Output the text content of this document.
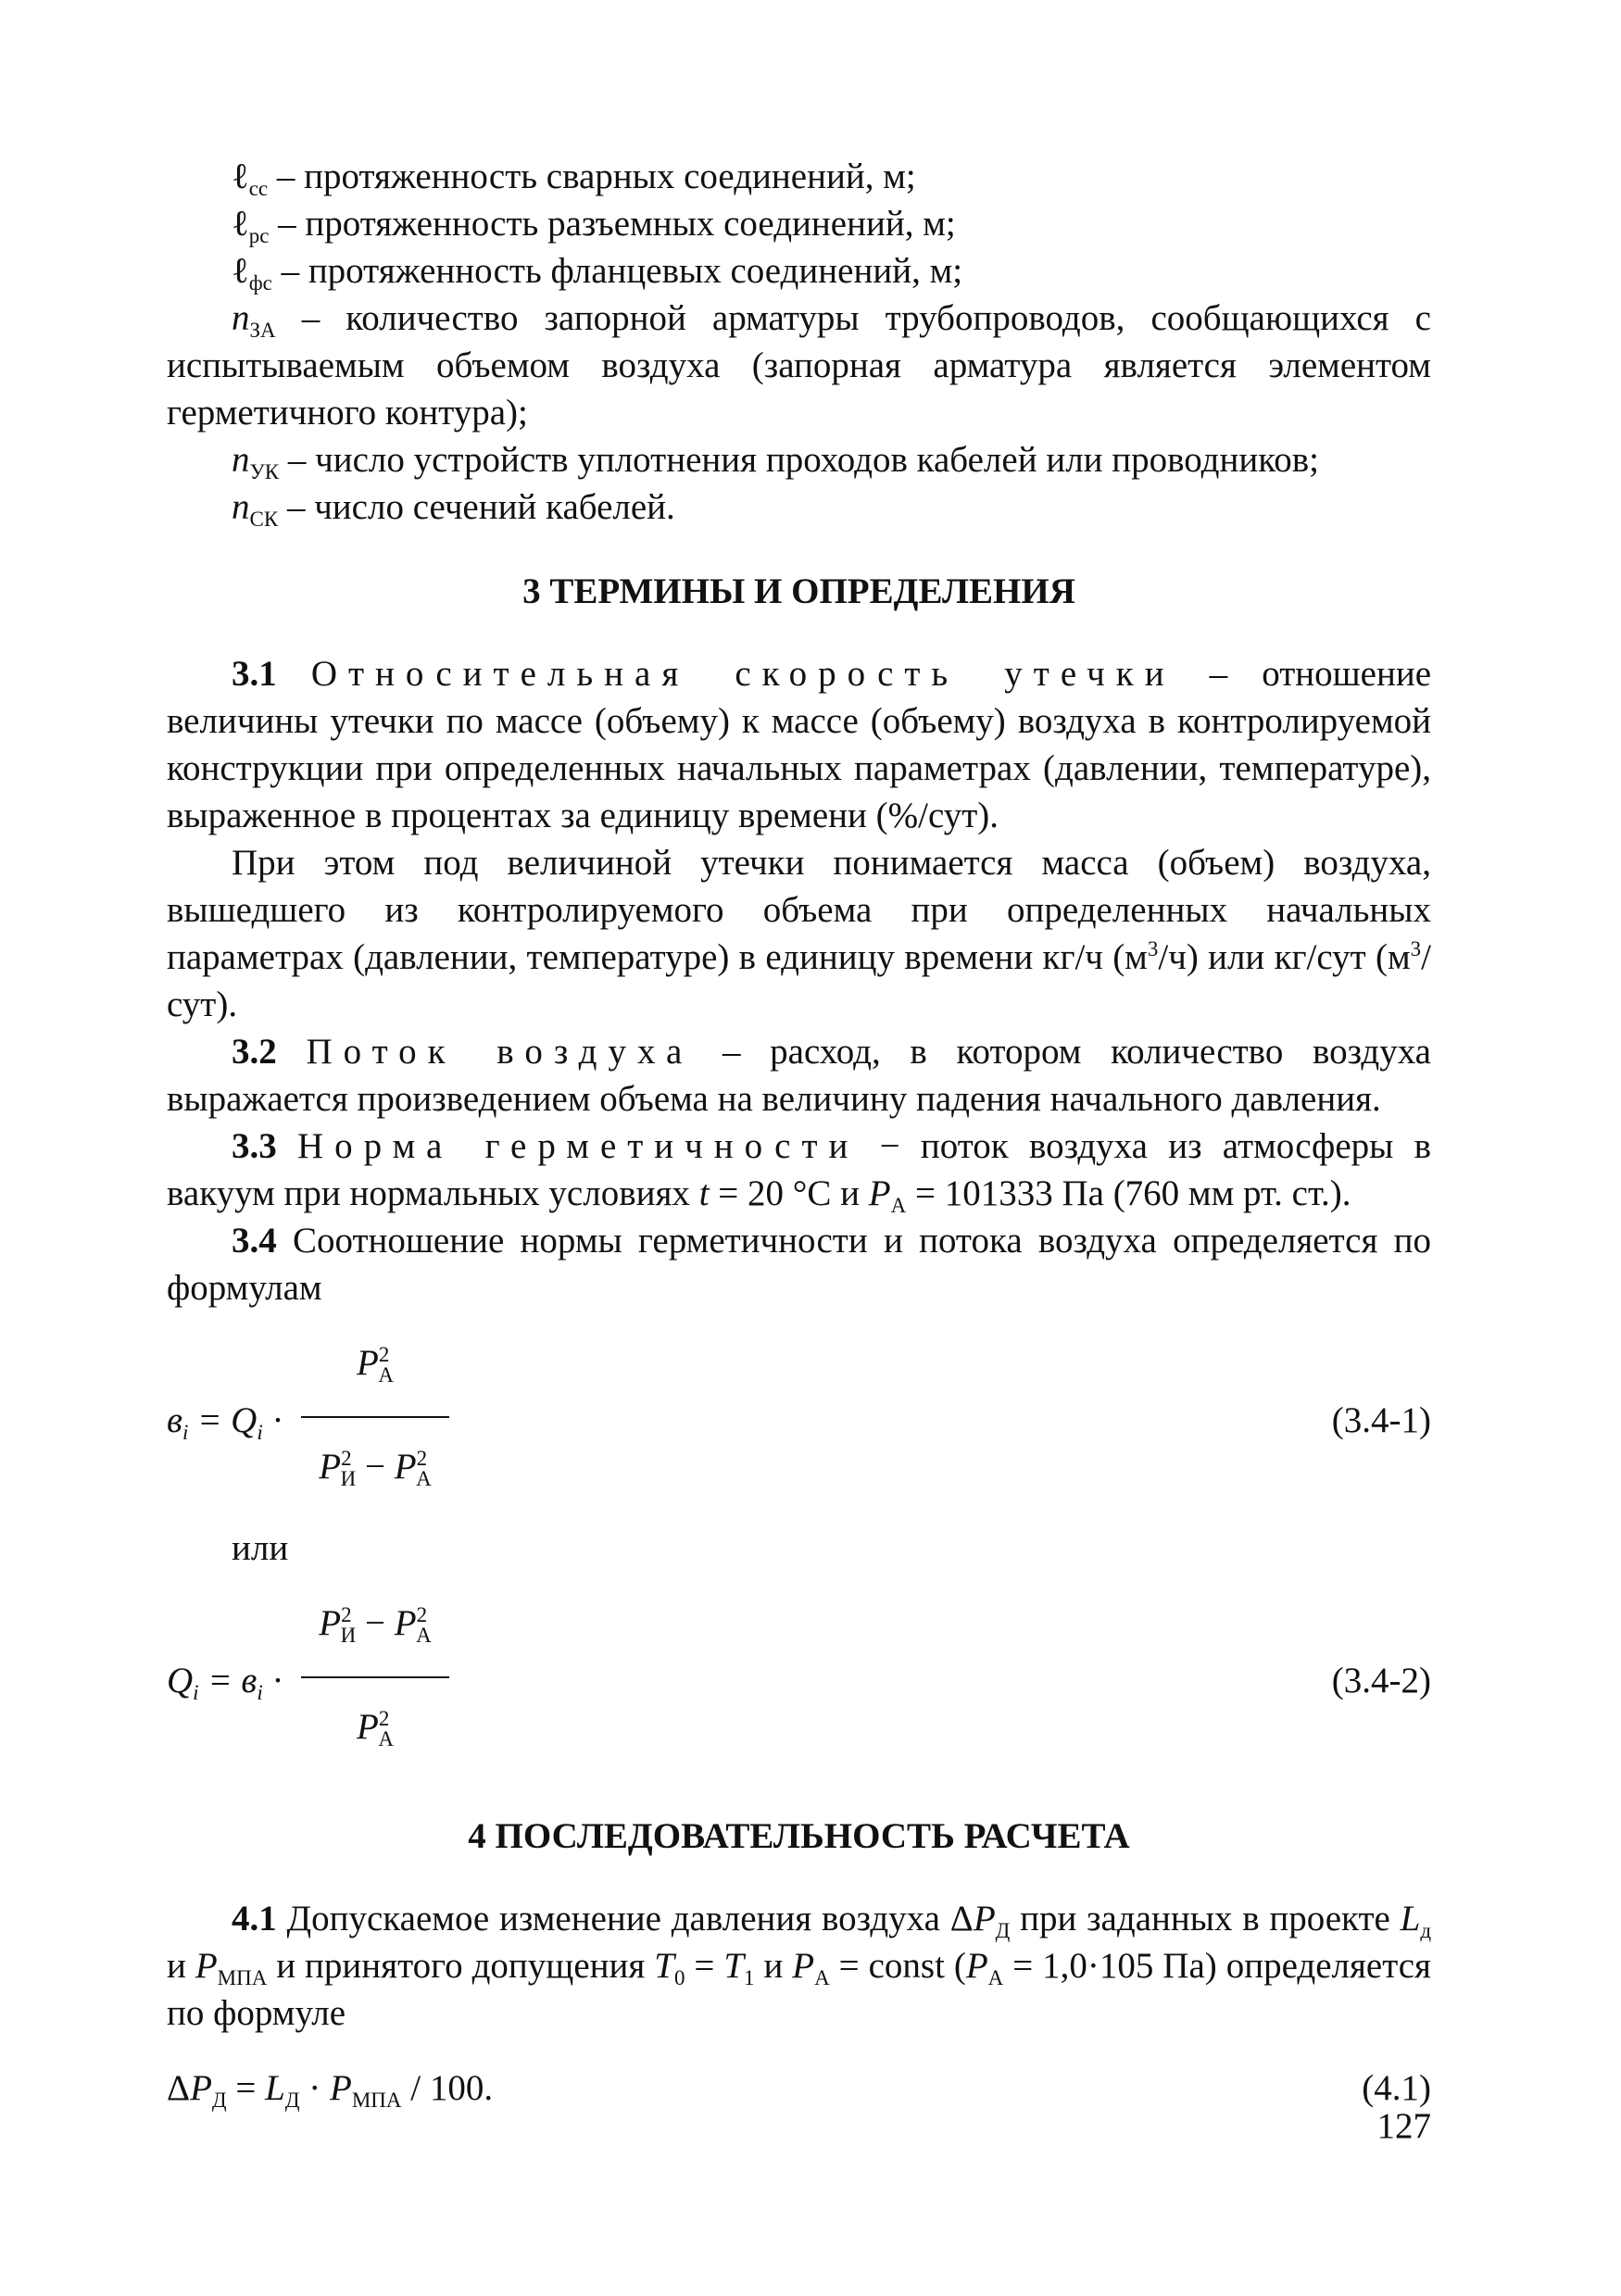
ℓ$_{сс}$ – протяженность сварных соединений, м;

ℓ$_{рс}$ – протяженность разъемных соединений, м;

ℓ$_{фс}$ – протяженность фланцевых соединений, м;

$n_{ЗА}$ – количество запорной арматуры трубопроводов, сообщающихся с испытываемым объемом воздуха (запорная арматура является элементом герметичного контура);

$n_{УК}$ – число устройств уплотнения проходов кабелей или проводников;

$n_{СК}$ – число сечений кабелей.

3 ТЕРМИНЫ И ОПРЕДЕЛЕНИЯ

3.1 Относительная скорость утечки – отношение величины утечки по массе (объему) к массе (объему) воздуха в контролируемой конструкции при определенных начальных параметрах (давлении, температуре), выраженное в процентах за единицу времени (%/сут).

При этом под величиной утечки понимается масса (объем) воздуха, вышедшего из контролируемого объема при определенных начальных параметрах (давлении, температуре) в единицу времени кг/ч $(м^3/ч)$ или кг/сут $(м^3/сут)$.

3.2 Поток воздуха – расход, в котором количество воздуха выражается произведением объема на величину падения начального давления.

3.3 Норма герметичности − поток воздуха из атмосферы в вакуум при нормальных условиях t = 20 °С и $P_А = 101333$ Па (760 мм рт. ст.).

3.4 Соотношение нормы герметичности и потока воздуха определяется по формулам

$в_i = Q_i$ ·
$P^2_А$
$P^2_И - P^2_А$
(3.4-1)

или

$Q_i = в_i$ ·
$P^2_И - P^2_А$
$P^2_А$
(3.4-2)
4 ПОСЛЕДОВАТЕЛЬНОСТЬ РАСЧЕТА

4.1 Допускаемое изменение давления воздуха $\Delta P_Д$ при заданных в проекте $L_д$ и $P_{МПА}$ и принятого допущения $T_0 = T_1$ и $P_А$ = const ($P_А = 1,0\cdot 105$ Па) определяется по формуле

$\Delta P_Д = L_Д \cdot P_{МПА} / 100$.	(4.1)
127
